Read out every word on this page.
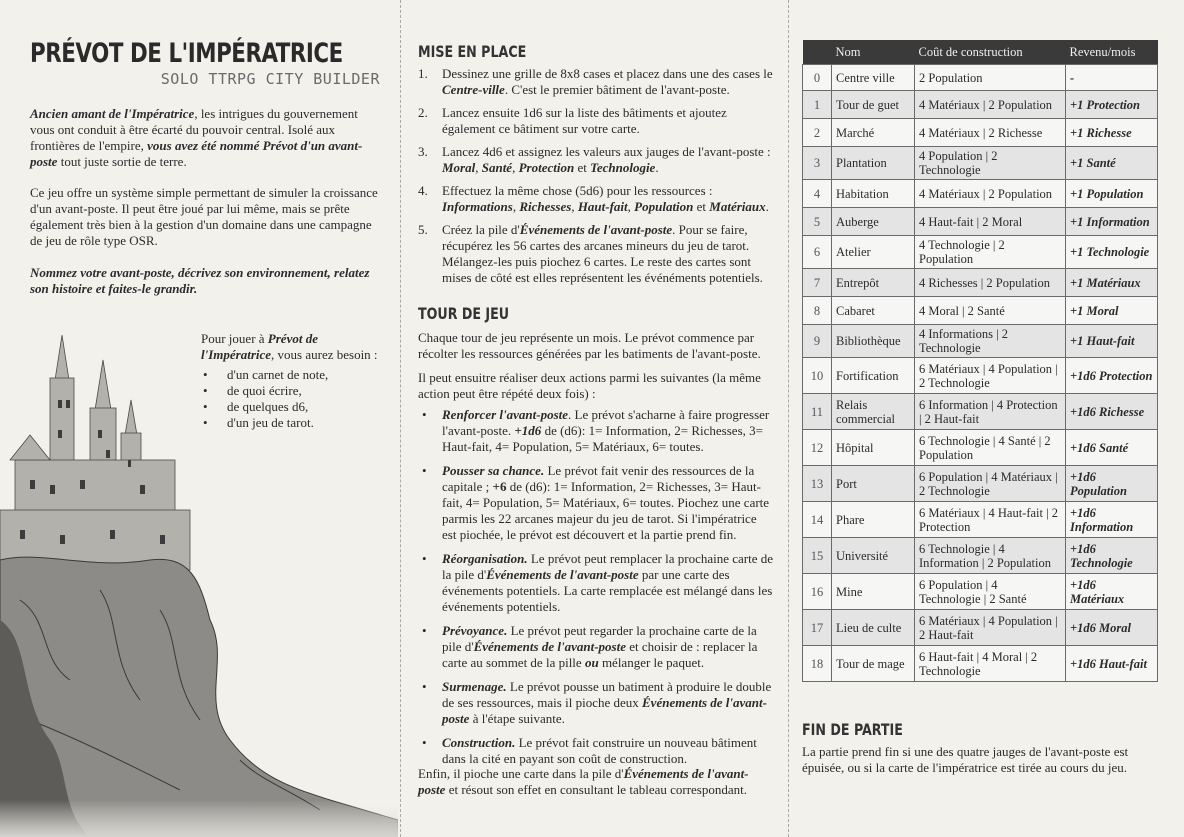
PRÉVOT DE L'IMPÉRATRICE
SOLO TTRPG CITY BUILDER

Ancien amant de l'Impératrice, les intrigues du gouvernement vous ont conduit à être écarté du pouvoir central. Isolé aux frontières de l'empire, vous avez été nommé Prévot d'un avant-poste tout juste sortie de terre.

Ce jeu offre un système simple permettant de simuler la croissance d'un avant-poste. Il peut être joué par lui même, mais se prête également très bien à la gestion d'un domaine dans une campagne de jeu de rôle type OSR.

Nommez votre avant-poste, décrivez son environnement, relatez son histoire et faites-le grandir.

Pour jouer à Prévot de l'Impératrice, vous aurez besoin :

• d'un carnet de note,
• de quoi écrire,
• de quelques d6,
• d'un jeu de tarot.
MISE EN PLACE
1. Dessinez une grille de 8x8 cases et placez dans une des cases le Centre-ville. C'est le premier bâtiment de l'avant-poste.
2. Lancez ensuite 1d6 sur la liste des bâtiments et ajoutez également ce bâtiment sur votre carte.
3. Lancez 4d6 et assignez les valeurs aux jauges de l'avant-poste : Moral, Santé, Protection et Technologie.
4. Effectuez la même chose (5d6) pour les ressources : Informations, Richesses, Haut-fait, Population et Matériaux.
5. Créez la pile d'Événements de l'avant-poste. Pour se faire, récupérez les 56 cartes des arcanes mineurs du jeu de tarot. Mélangez-les puis piochez 6 cartes. Le reste des cartes sont mises de côté est elles représentent les événéments potentiels.
TOUR DE JEU

Chaque tour de jeu représente un mois. Le prévot commence par récolter les ressources générées par les batiments de l'avant-poste.

Il peut ensuitre réaliser deux actions parmi les suivantes (la même action peut être répété deux fois) :

• Renforcer l'avant-poste. Le prévot s'acharne à faire progresser l'avant-poste. +1d6 de (d6): 1= Information, 2= Richesses, 3= Haut-fait, 4= Population, 5= Matériaux, 6= toutes.
• Pousser sa chance. Le prévot fait venir des ressources de la capitale ; +6 de (d6): 1= Information, 2= Richesses, 3= Haut-fait, 4= Population, 5= Matériaux, 6= toutes. Piochez une carte parmis les 22 arcanes majeur du jeu de tarot. Si l'impératrice est piochée, le prévot est découvert et la partie prend fin.
• Réorganisation. Le prévot peut remplacer la prochaine carte de la pile d'Événements de l'avant-poste par une carte des événements potentiels. La carte remplacée est mélangé dans les événements potentiels.
• Prévoyance. Le prévot peut regarder la prochaine carte de la pile d'Événements de l'avant-poste et choisir de : replacer la carte au sommet de la pille ou mélanger le paquet.
• Surmenage. Le prévot pousse un batiment à produire le double de ses ressources, mais il pioche deux Événements de l'avant-poste à l'étape suivante.
• Construction. Le prévot fait construire un nouveau bâtiment dans la cité en payant son coût de construction.

Enfin, il pioche une carte dans la pile d'Événements de l'avant-poste et résout son effet en consultant le tableau correspondant.

	Nom	Coût de construction	Revenu/mois
0	Centre ville	2 Population	-
1	Tour de guet	4 Matériaux | 2 Population	+1 Protection
2	Marché	4 Matériaux | 2 Richesse	+1 Richesse
3	Plantation	4 Population | 2 Technologie	+1 Santé
4	Habitation	4 Matériaux | 2 Population	+1 Population
5	Auberge	4 Haut-fait | 2 Moral	+1 Information
6	Atelier	4 Technologie | 2 Population	+1 Technologie
7	Entrepôt	4 Richesses | 2 Population	+1 Matériaux
8	Cabaret	4 Moral | 2 Santé	+1 Moral
9	Bibliothèque	4 Informations | 2 Technologie	+1 Haut-fait
10	Fortification	6 Matériaux | 4 Population | 2 Technologie	+1d6 Protection
11	Relais commercial	6 Information | 4 Protection | 2 Haut-fait	+1d6 Richesse
12	Hôpital	6 Technologie | 4 Santé | 2 Population	+1d6 Santé
13	Port	6 Population | 4 Matériaux | 2 Technologie	+1d6 Population
14	Phare	6 Matériaux | 4 Haut-fait | 2 Protection	+1d6 Information
15	Université	6 Technologie | 4 Information | 2 Population	+1d6 Technologie
16	Mine	6 Population | 4 Technologie | 2 Santé	+1d6 Matériaux
17	Lieu de culte	6 Matériaux | 4 Population | 2 Haut-fait	+1d6 Moral
18	Tour de mage	6 Haut-fait | 4 Moral | 2 Technologie	+1d6 Haut-fait
FIN DE PARTIE

La partie prend fin si une des quatre jauges de l'avant-poste est épuisée, ou si la carte de l'impératrice est tirée au cours du jeu.
